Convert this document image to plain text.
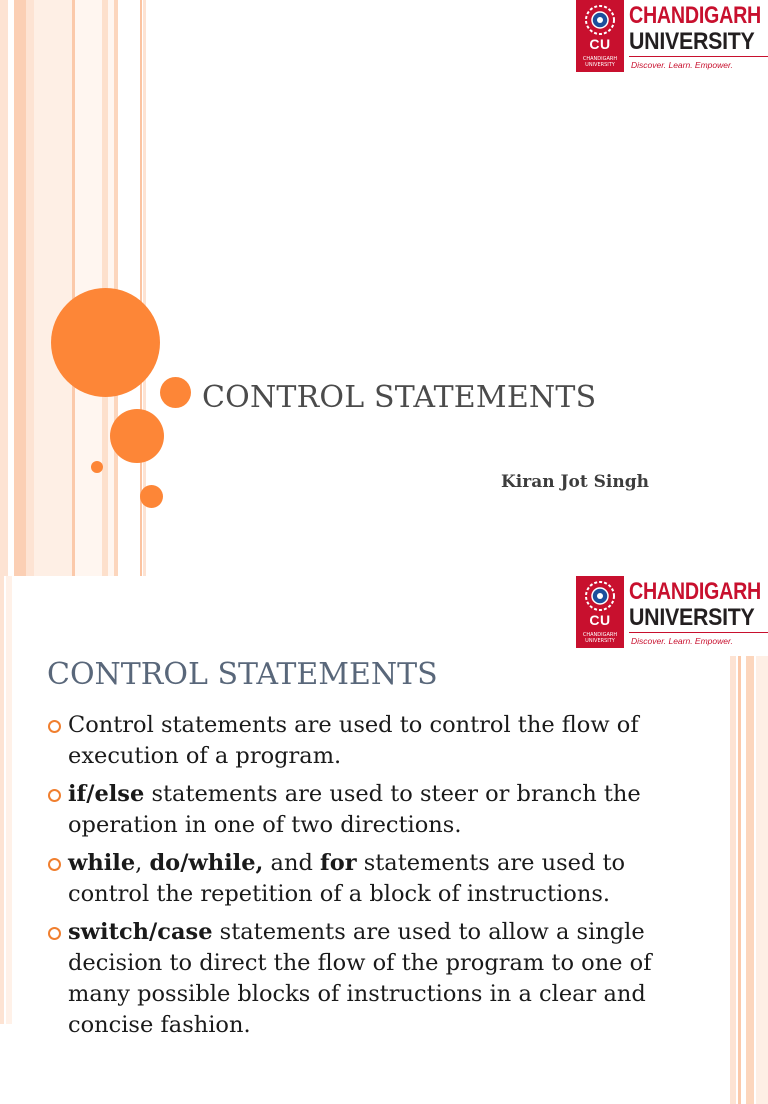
CU
CHANDIGARH
UNIVERSITY
CHANDIGARH
UNIVERSITY
Discover. Learn. Empower.
CONTROL STATEMENTS
Kiran Jot Singh
CU
CHANDIGARH
UNIVERSITY
CHANDIGARH
UNIVERSITY
Discover. Learn. Empower.
CONTROL STATEMENTS
Control statements are used to control the flow of execution of a program.
if/else statements are used to steer or branch the operation in one of two directions.
while, do/while, and for statements are used to control the repetition of a block of instructions.
switch/case statements are used to allow a single decision to direct the flow of the program to one of many possible blocks of instructions in a clear and concise fashion.
